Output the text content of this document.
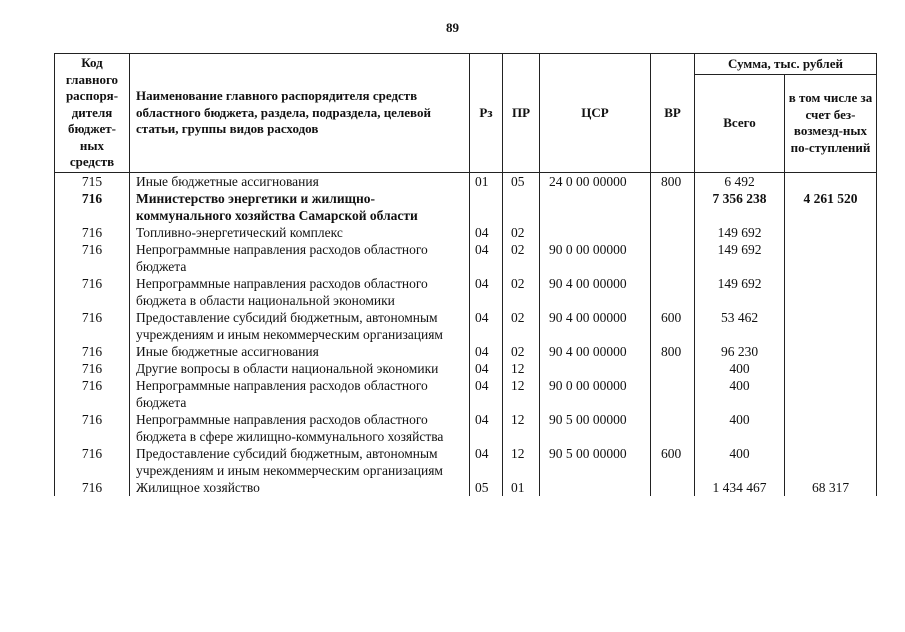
89
Код главного распоря-дителя бюджет-ных средств	Наименование главного распорядителя средств областного бюджета, раздела, подраздела, целевой статьи, группы видов расходов	Рз	ПР	ЦСР	ВР	Сумма, тыс. рублей	
						Всего	в том числе за счет без-возмезд-ных по-ступлений
715	Иные бюджетные ассигнования	01	05	24 0 00 00000	800	6 492	
716	Министерство энергетики и жилищно-коммунального хозяйства Самарской области					7 356 238	4 261 520
716	Топливно-энергетический комплекс	04	02			149 692	
716	Непрограммные направления расходов областного бюджета	04	02	90 0 00 00000		149 692	
716	Непрограммные направления расходов областного бюджета в области национальной экономики	04	02	90 4 00 00000		149 692	
716	Предоставление субсидий бюджетным, автономным учреждениям и иным некоммерческим организациям	04	02	90 4 00 00000	600	53 462	
716	Иные бюджетные ассигнования	04	02	90 4 00 00000	800	96 230	
716	Другие вопросы в области национальной экономики	04	12			400	
716	Непрограммные направления расходов областного бюджета	04	12	90 0 00 00000		400	
716	Непрограммные направления расходов областного бюджета в сфере жилищно-коммунального хозяйства	04	12	90 5 00 00000		400	
716	Предоставление субсидий бюджетным, автономным учреждениям и иным некоммерческим организациям	04	12	90 5 00 00000	600	400	
716	Жилищное хозяйство	05	01			1 434 467	68 317
